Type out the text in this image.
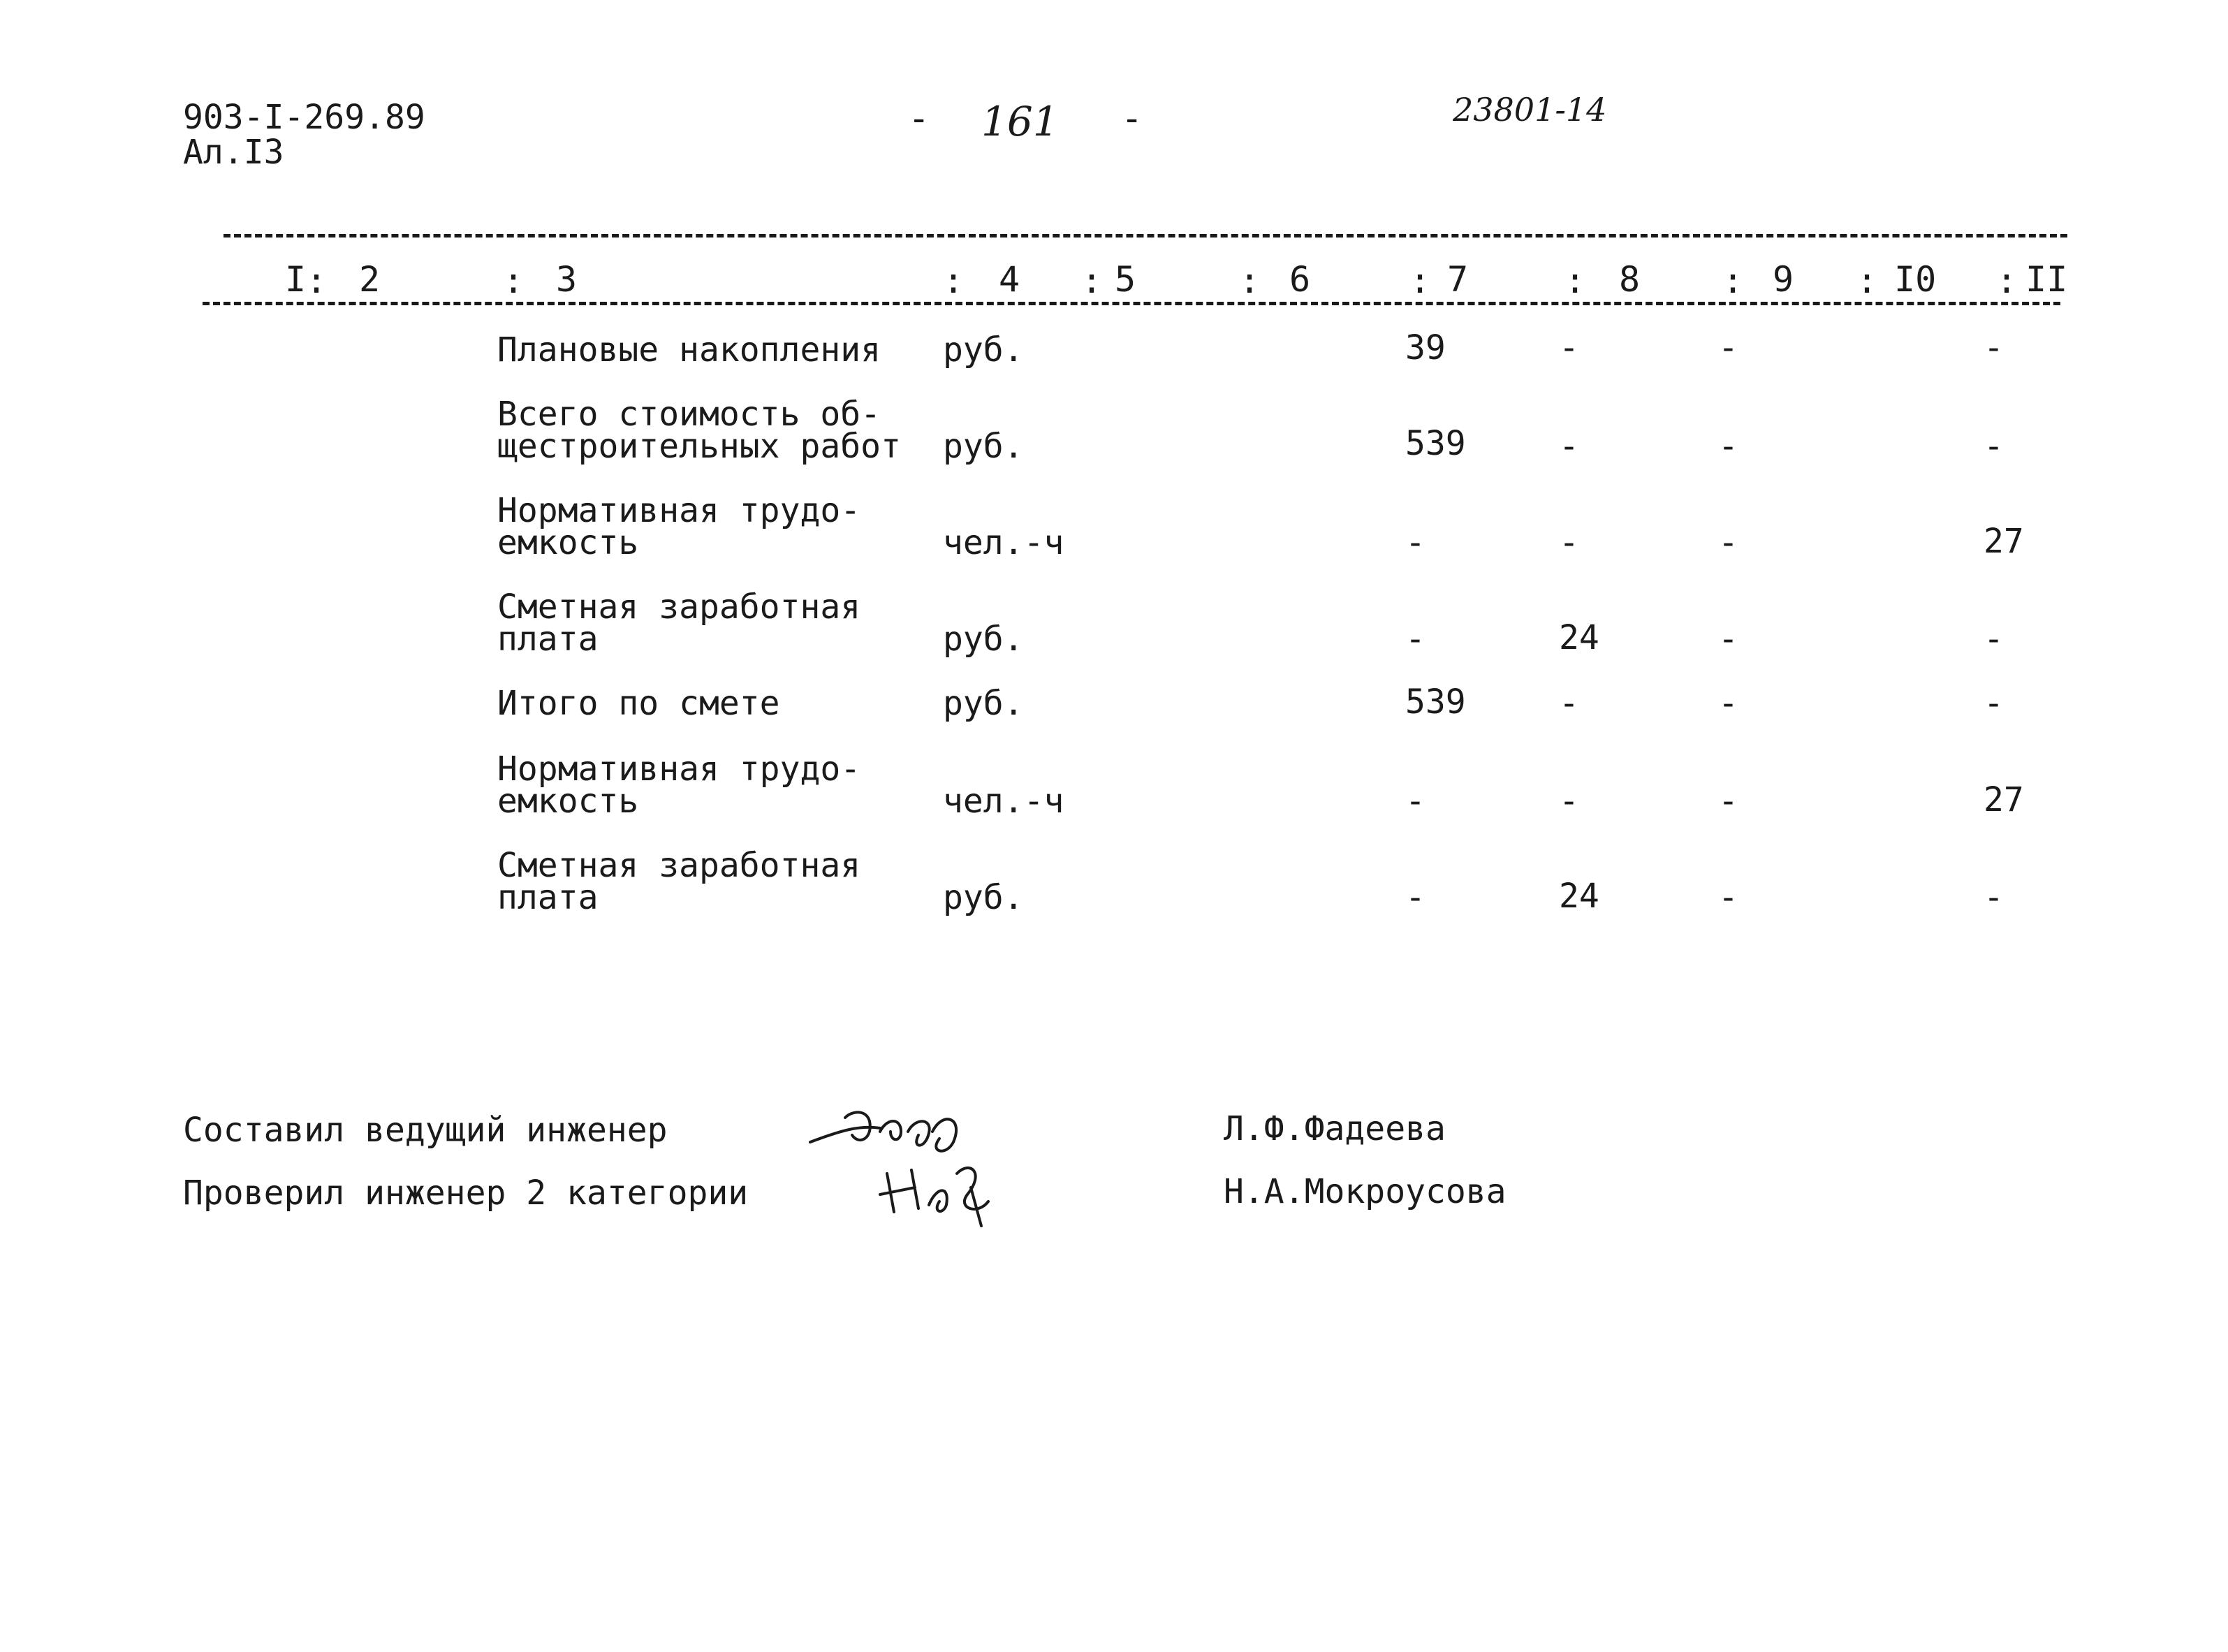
903-I-269.89
Ал.I3
- 161 -	23801-14
I : 2	: 3	: 4 : 5	: 6	: 7	: 8 : 9 : I0 : II
Плановые накопления руб.	39	-	-	-
Всего стоимость об-
щестроительных работ руб.	539	-	-	-
Нормативная трудо-
емкость	чел.-ч	-	-	-	27
Сметная заработная
плата	руб.	-	24	-	-
Итого по смете	руб.	539	-	-	-
Нормативная трудо-
емкость	чел.-ч	-	-	-	27
Сметная заработная
плата	руб.	-	24	-	-
Составил ведущий инженер	Л.Ф.Фадеева
Проверил инженер 2 категории	Н.А.Мокроусова
